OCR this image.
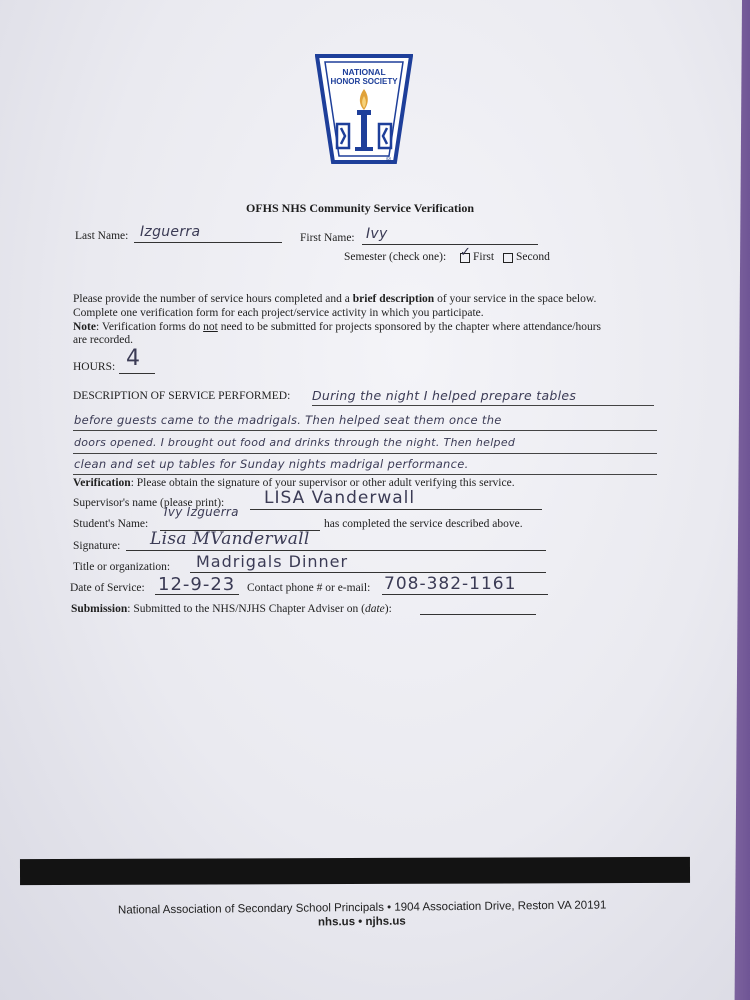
NATIONAL
HONOR SOCIETY
®
OFHS NHS Community Service Verification
Last Name: Izguerra	First Name: Ivy
Semester (check one): ✓ First Second
Please provide the number of service hours completed and a brief description of your service in the space below.
Complete one verification form for each project/service activity in which you participate.
Note: Verification forms do not need to be submitted for projects sponsored by the chapter where attendance/hours
are recorded.
HOURS: 4
DESCRIPTION OF SERVICE PERFORMED: During the night I helped prepare tables
before guests came to the madrigals. Then helped seat them once the
doors opened. I brought out food and drinks through the night. Then helped
clean and set up tables for Sunday nights madrigal performance.
Verification: Please obtain the signature of your supervisor or other adult verifying this service.
Supervisor's name (please print): LISA Vanderwall
Student's Name:
Ivy Izguerra
has completed the service described above.
Signature: Lisa MVanderwall
Title or organization: Madrigals Dinner
Date of Service: 12-9-23 Contact phone # or e-mail: 708-382-1161
Submission: Submitted to the NHS/NJHS Chapter Adviser on (date):
National Association of Secondary School Principals • 1904 Association Drive, Reston VA 20191
nhs.us • njhs.us
